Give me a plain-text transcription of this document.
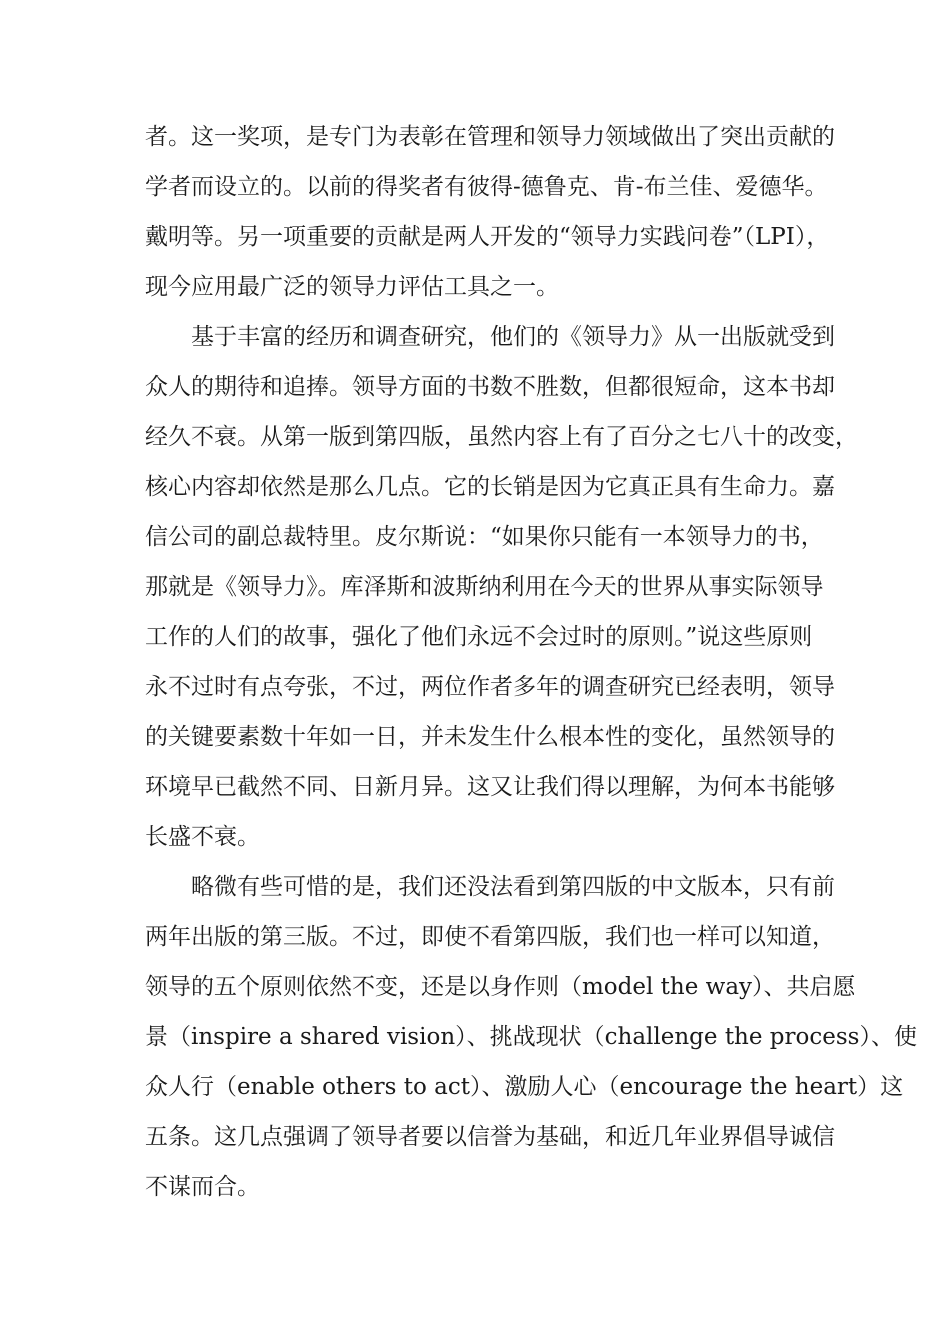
者。这一奖项，是专门为表彰在管理和领导力领域做出了突出贡献的
学者而设立的。以前的得奖者有彼得-德鲁克、肯-布兰佳、爱德华。
戴明等。另一项重要的贡献是两人开发的“领导力实践问卷”（LPI），
现今应用最广泛的领导力评估工具之一。
基于丰富的经历和调查研究，他们的《领导力》从一出版就受到
众人的期待和追捧。领导方面的书数不胜数，但都很短命，这本书却
经久不衰。从第一版到第四版，虽然内容上有了百分之七八十的改变，
核心内容却依然是那么几点。它的长销是因为它真正具有生命力。嘉
信公司的副总裁特里。皮尔斯说：“如果你只能有一本领导力的书，
那就是《领导力》。库泽斯和波斯纳利用在今天的世界从事实际领导
工作的人们的故事，强化了他们永远不会过时的原则。”说这些原则
永不过时有点夸张，不过，两位作者多年的调查研究已经表明，领导
的关键要素数十年如一日，并未发生什么根本性的变化，虽然领导的
环境早已截然不同、日新月异。这又让我们得以理解，为何本书能够
长盛不衰。
略微有些可惜的是，我们还没法看到第四版的中文版本，只有前
两年出版的第三版。不过，即使不看第四版，我们也一样可以知道，
领导的五个原则依然不变，还是以身作则（model the way）、共启愿
景（inspire a shared vision）、挑战现状（challenge the process）、使
众人行（enable others to act）、激励人心（encourage the heart）这
五条。这几点强调了领导者要以信誉为基础，和近几年业界倡导诚信
不谋而合。
